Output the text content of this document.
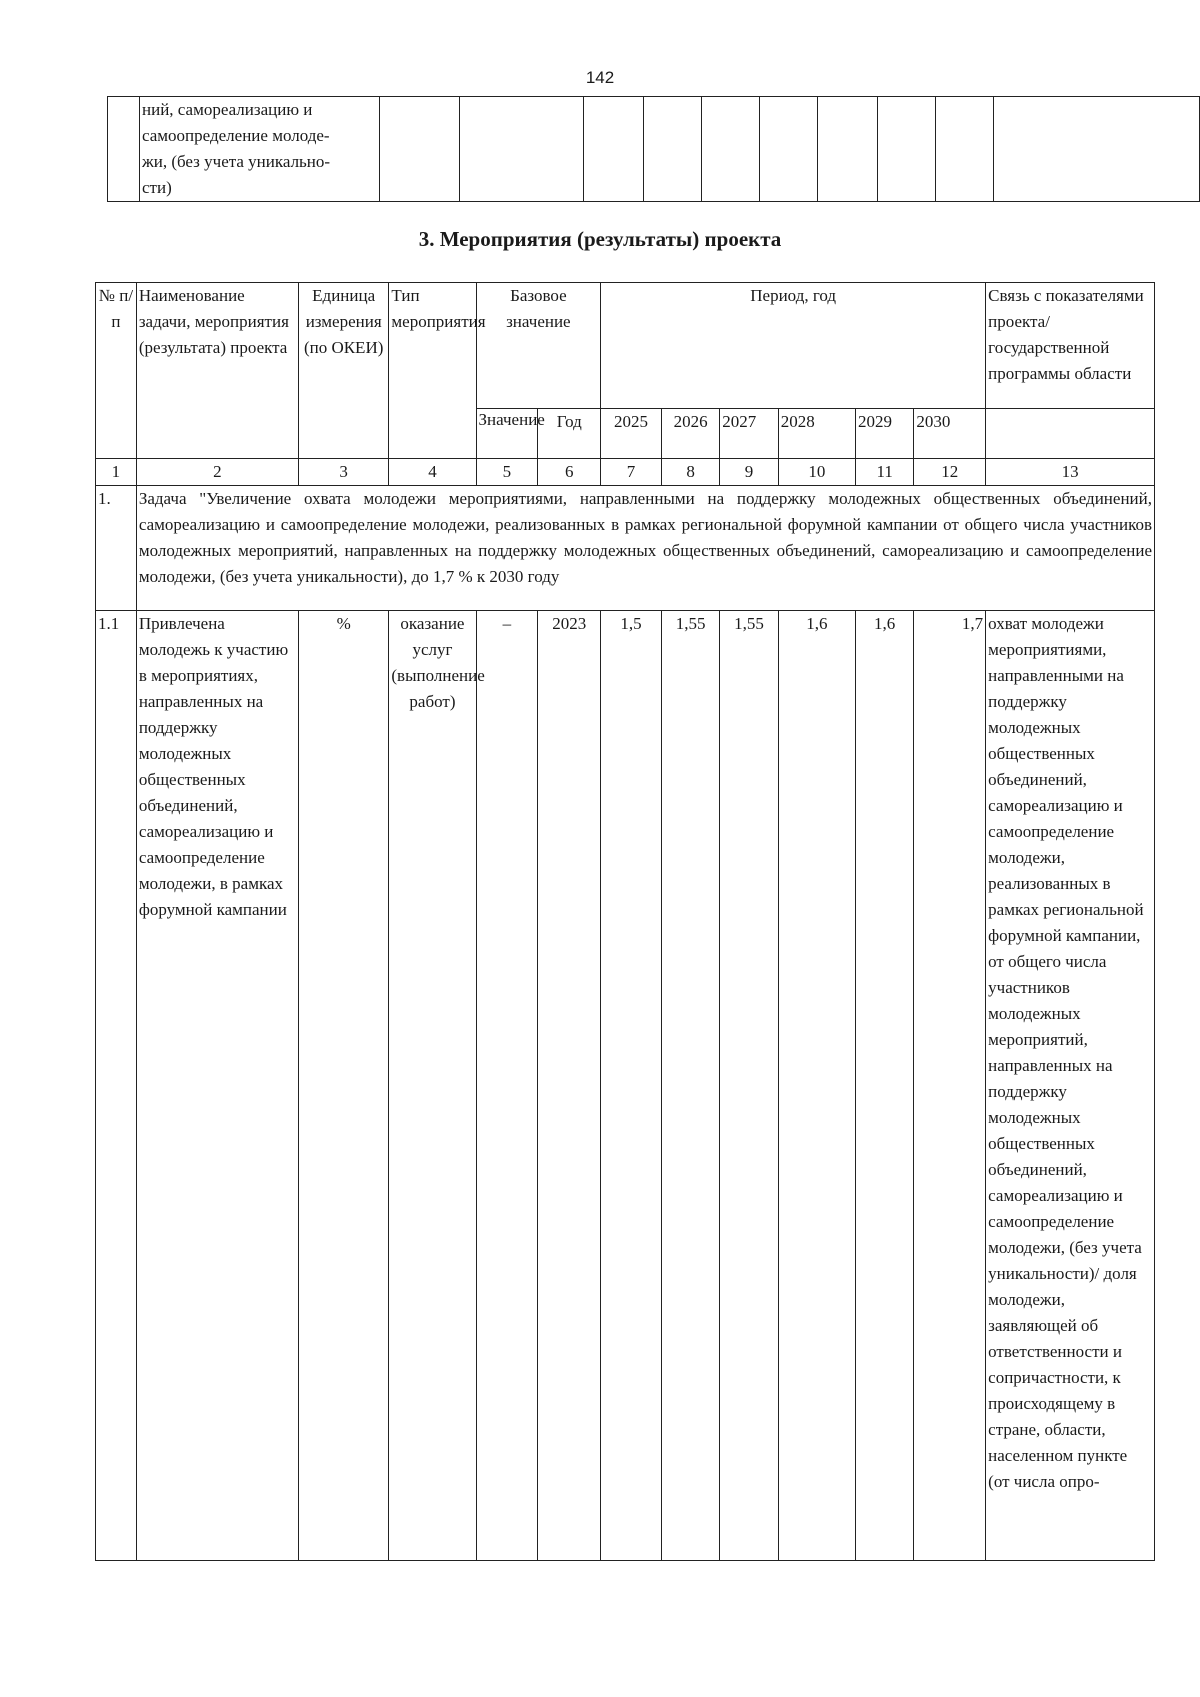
142

ний, самореализацию и
самоопределение молоде-
жи, (без учета уникально-
сти)

3. Мероприятия (результаты) проекта
№ п/п	Наименование задачи, мероприятия (результата) проекта	Единица измерения (по ОКЕИ)	Тип мероприятия	Базовое значение		Период, год						Связь с показателями проекта/ государственной программы области
				Значение	Год	2025	2026	2027	2028	2029	2030	
1	2	3	4	5	6	7	8	9	10	11	12	13
1.	Задача "Увеличение охвата молодежи мероприятиями, направленными на поддержку молодежных общественных объединений, самореализацию и самоопределение молодежи, реализованных в рамках региональной форумной кампании от общего числа участников молодежных мероприятий, направленных на поддержку молодежных общественных объединений, самореализацию и самоопределение молодежи, (без учета уникальности), до 1,7 % к 2030 году											
1.1	Привлечена молодежь к участию в мероприятиях, направленных на поддержку молодежных общественных объединений, самореализацию и самоопределение молодежи, в рамках форумной кампании	%	оказание услуг (выполнение работ)	–	2023	1,5	1,55	1,55	1,6	1,6	1,7	охват молодежи мероприятиями, направленными на поддержку молодежных общественных объединений, самореализацию и самоопределение молодежи, реализованных в рамках региональной форумной кампании, от общего числа участников молодежных мероприятий, направленных на поддержку молодежных общественных объединений, самореализацию и самоопределение молодежи, (без учета уникальности)/ доля молодежи, заявляющей об ответственности и сопричастности, к происходящему в стране, области, населенном пункте (от числа опро-
